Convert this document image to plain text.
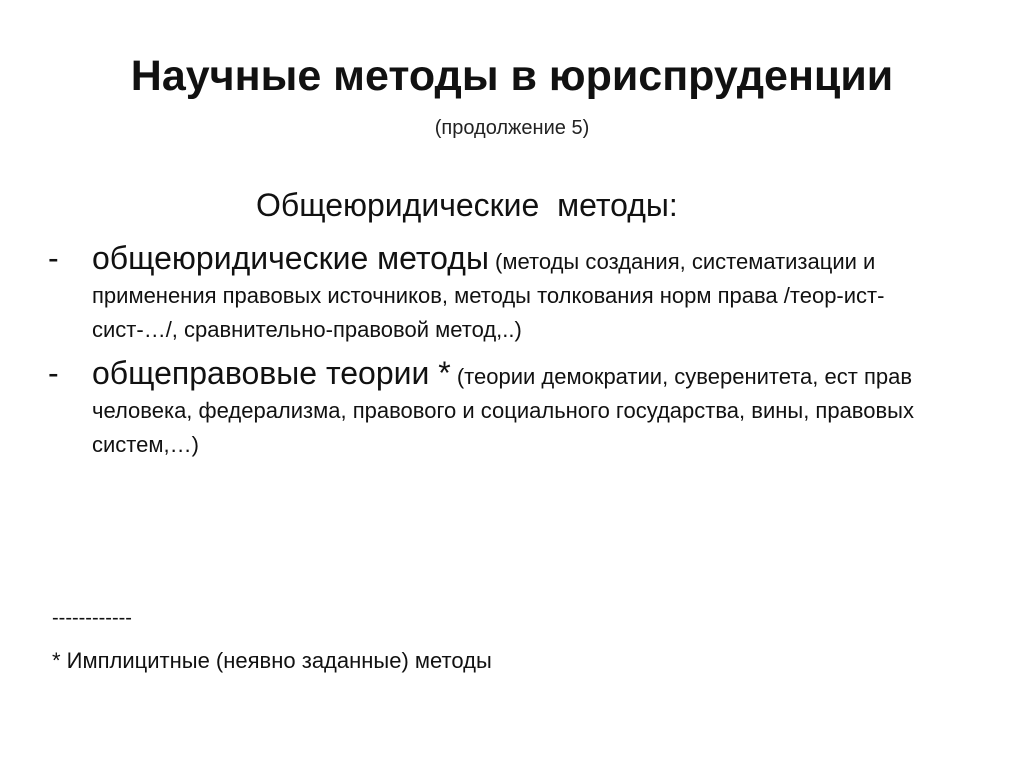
Научные методы в юриспруденции
(продолжение 5)
Общеюридические  методы:
- общеюридические методы (методы создания, систематизации и применения правовых источников, методы толкования норм права /теор-ист-сист-…/, сравнительно-правовой метод,..)
- общеправовые теории * (теории демократии, суверенитета, ест прав человека, федерализма, правового и социального государства, вины, правовых систем,…)
------------
* Имплицитные (неявно заданные) методы
